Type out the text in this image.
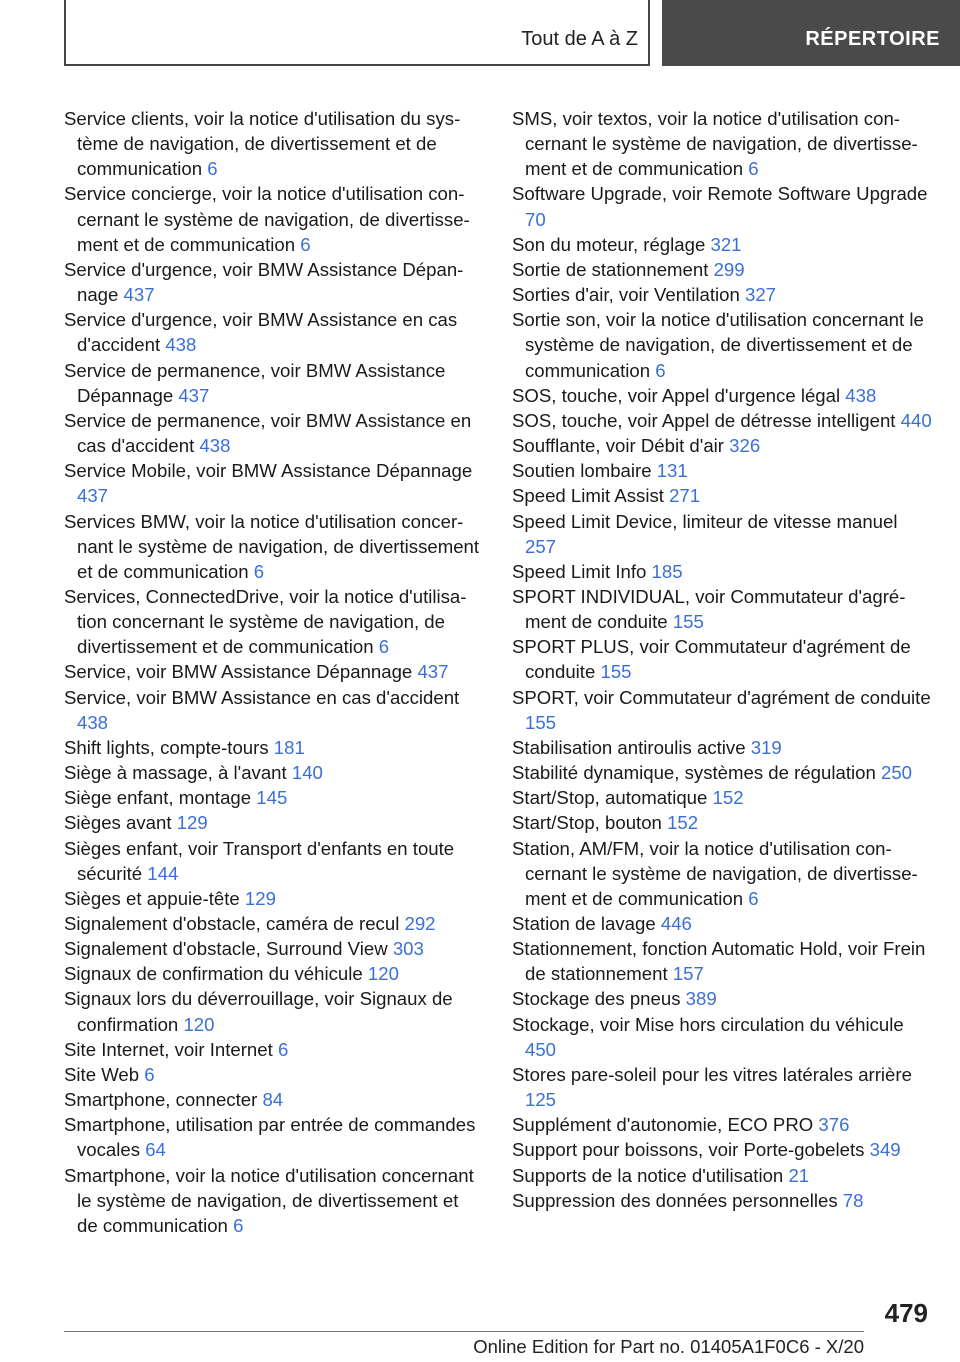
Tout de A à Z	RÉPERTOIRE
Service clients, voir la notice d'utilisation du système de navigation, de divertissement et de communication 6
Service concierge, voir la notice d'utilisation concernant le système de navigation, de divertissement et de communication 6
Service d'urgence, voir BMW Assistance Dépannage 437
Service d'urgence, voir BMW Assistance en cas d'accident 438
Service de permanence, voir BMW Assistance Dépannage 437
Service de permanence, voir BMW Assistance en cas d'accident 438
Service Mobile, voir BMW Assistance Dépannage 437
Services BMW, voir la notice d'utilisation concernant le système de navigation, de divertissement et de communication 6
Services, ConnectedDrive, voir la notice d'utilisation concernant le système de navigation, de divertissement et de communication 6
Service, voir BMW Assistance Dépannage 437
Service, voir BMW Assistance en cas d'accident 438
Shift lights, compte-tours 181
Siège à massage, à l'avant 140
Siège enfant, montage 145
Sièges avant 129
Sièges enfant, voir Transport d'enfants en toute sécurité 144
Sièges et appuie-tête 129
Signalement d'obstacle, caméra de recul 292
Signalement d'obstacle, Surround View 303
Signaux de confirmation du véhicule 120
Signaux lors du déverrouillage, voir Signaux de confirmation 120
Site Internet, voir Internet 6
Site Web 6
Smartphone, connecter 84
Smartphone, utilisation par entrée de commandes vocales 64
Smartphone, voir la notice d'utilisation concernant le système de navigation, de divertissement et de communication 6
SMS, voir textos, voir la notice d'utilisation concernant le système de navigation, de divertissement et de communication 6
Software Upgrade, voir Remote Software Upgrade 70
Son du moteur, réglage 321
Sortie de stationnement 299
Sorties d'air, voir Ventilation 327
Sortie son, voir la notice d'utilisation concernant le système de navigation, de divertissement et de communication 6
SOS, touche, voir Appel d'urgence légal 438
SOS, touche, voir Appel de détresse intelligent 440
Soufflante, voir Débit d'air 326
Soutien lombaire 131
Speed Limit Assist 271
Speed Limit Device, limiteur de vitesse manuel 257
Speed Limit Info 185
SPORT INDIVIDUAL, voir Commutateur d'agrément de conduite 155
SPORT PLUS, voir Commutateur d'agrément de conduite 155
SPORT, voir Commutateur d'agrément de conduite 155
Stabilisation antiroulis active 319
Stabilité dynamique, systèmes de régulation 250
Start/Stop, automatique 152
Start/Stop, bouton 152
Station, AM/FM, voir la notice d'utilisation concernant le système de navigation, de divertissement et de communication 6
Station de lavage 446
Stationnement, fonction Automatic Hold, voir Frein de stationnement 157
Stockage des pneus 389
Stockage, voir Mise hors circulation du véhicule 450
Stores pare-soleil pour les vitres latérales arrière 125
Supplément d'autonomie, ECO PRO 376
Support pour boissons, voir Porte-gobelets 349
Supports de la notice d'utilisation 21
Suppression des données personnelles 78
479
Online Edition for Part no. 01405A1F0C6 - X/20
